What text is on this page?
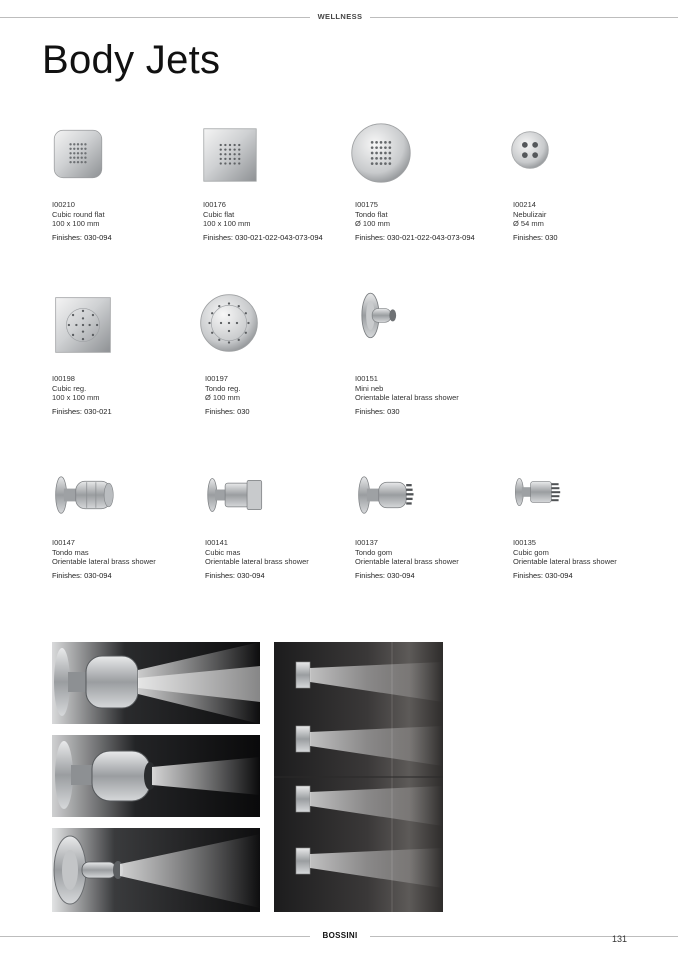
WELLNESS
Body Jets
I00210
Cubic round flat
100 x 100 mm
Finishes: 030-094
I00176
Cubic flat
100 x 100 mm
Finishes: 030-021-022-043-073-094
I00175
Tondo flat
Ø 100 mm
Finishes: 030-021-022-043-073-094
I00214
Nebulizair
Ø 54 mm
Finishes: 030
I00198
Cubic reg.
100 x 100 mm
Finishes: 030-021
I00197
Tondo reg.
Ø 100 mm
Finishes: 030
I00151
Mini neb
Orientable lateral brass shower
Finishes: 030
I00147
Tondo mas
Orientable lateral brass shower
Finishes: 030-094
I00141
Cubic mas
Orientable lateral brass shower
Finishes: 030-094
I00137
Tondo gom
Orientable lateral brass shower
Finishes: 030-094
I00135
Cubic gom
Orientable lateral brass shower
Finishes: 030-094
BOSSINI	131
